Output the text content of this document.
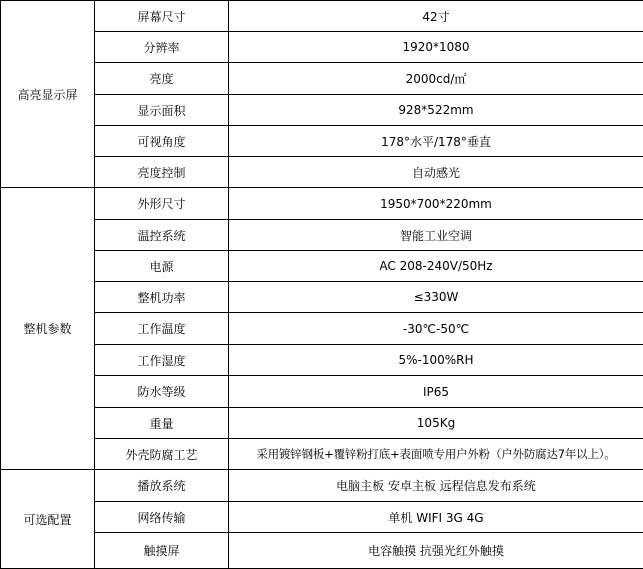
高亮显示屏	屏幕尺寸	42寸
	分辨率	1920*1080
	亮度	2000cd/㎡
	显示面积	928*522mm
	可视角度	178°水平/178°垂直
	亮度控制	自动感光
整机参数	外形尺寸	1950*700*220mm
	温控系统	智能工业空调
	电源	AC 208-240V/50Hz
	整机功率	≤330W
	工作温度	-30℃-50℃
	工作湿度	5%-100%RH
	防水等级	IP65
	重量	105Kg
	外壳防腐工艺	采用镀锌钢板+覆锌粉打底+表面喷专用户外粉（户外防腐达7年以上）。
可选配置	播放系统	电脑主板 安卓主板 远程信息发布系统
	网络传输	单机 WIFI 3G 4G
	触摸屏	电容触摸 抗强光红外触摸
